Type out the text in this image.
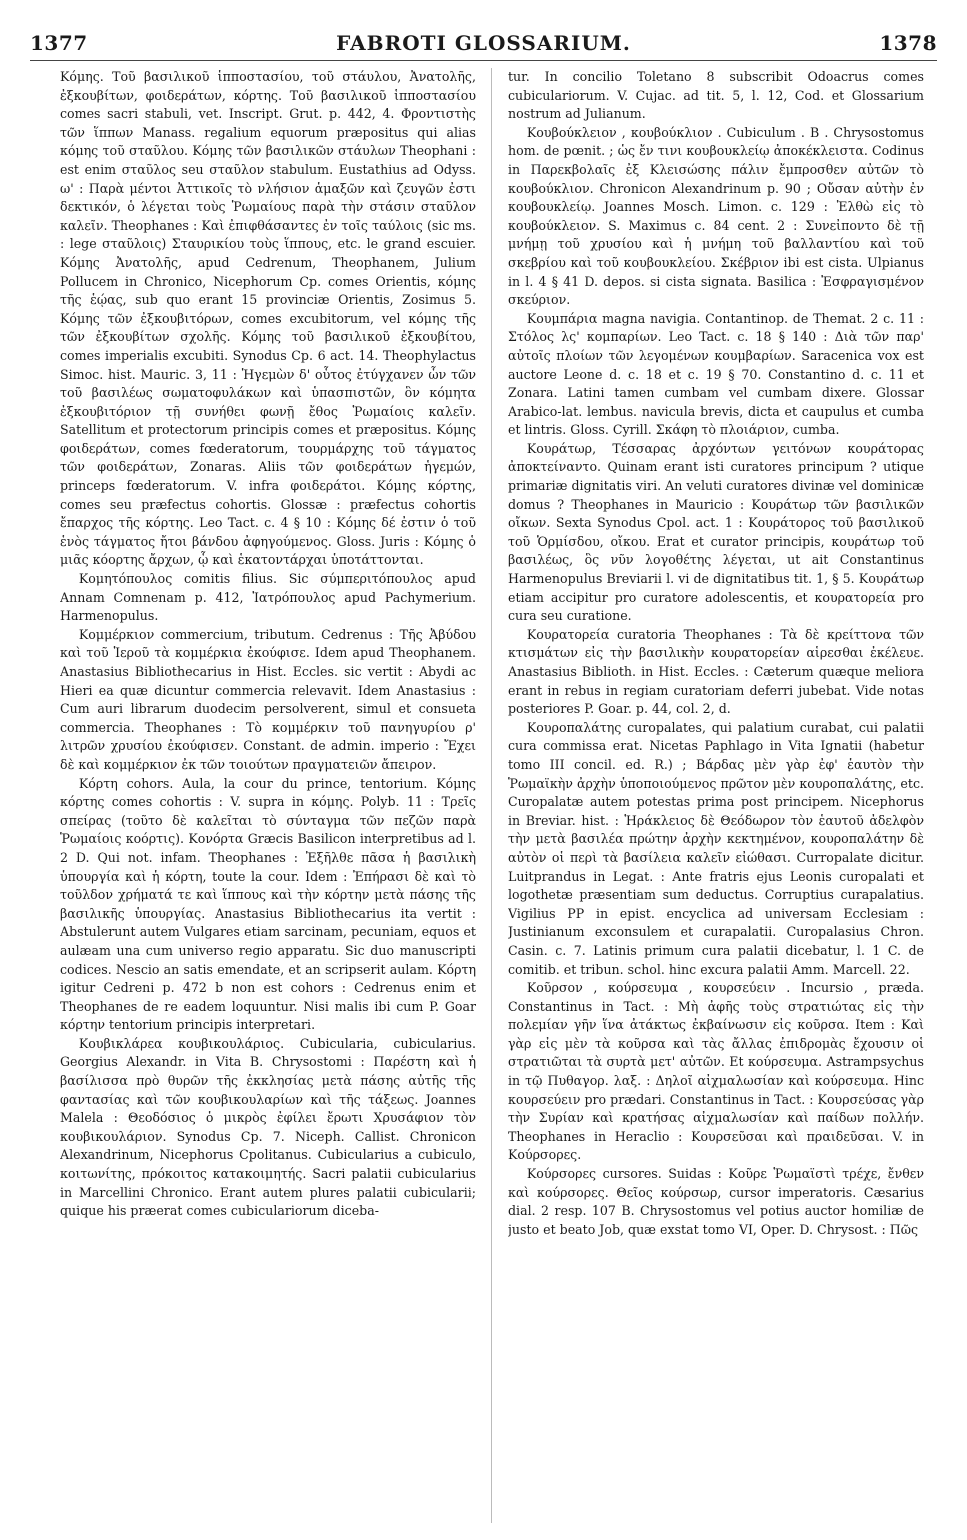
1377	FABROTI GLOSSARIUM.	1378

Κόμης. Τοῦ βασιλικοῦ ἱπποστασίου, τοῦ στάυλου, Ἀνατολῆς, ἐξκουβίτων, φοιδεράτων, κόρτης. Τοῦ βασιλικοῦ ἱπποστασίου comes sacri stabuli, vet. Inscript. Grut. p. 442, 4. Φροντιστὴς τῶν ἵππων Manass. regalium equorum præpositus qui alias κόμης τοῦ σταῦλου. Κόμης τῶν βασιλικῶν στάυλων Theophani : est enim σταῦλος seu σταῦλον stabulum. Eustathius ad Odyss. ω' : Παρὰ μέντοι Ἀττικοῖς τὸ νλήσιον ἁμαξῶν καὶ ζευγῶν ἐστι δεκτικόν, ὁ λέγεται τοὺς Ῥωμαίους παρὰ τὴν στάσιν σταῦλον καλεῖν. Theophanes : Καὶ ἐπιφθάσαντες ἐν τοῖς ταύλοις (sic ms. : lege σταῦλοις) Σταυρικίου τοὺς ἵππους, etc. le grand escuier. Κόμης Ἀνατολῆς, apud Cedrenum, Theophanem, Julium Pollucem in Chronico, Nicephorum Cp. comes Orientis, κόμης τῆς ἑῴας, sub quo erant 15 provinciæ Orientis, Zosimus 5. Κόμης τῶν ἐξκουβιτόρων, comes excubitorum, vel κόμης τῆς τῶν ἐξκουβίτων σχολῆς. Κόμης τοῦ βασιλικοῦ ἐξκουβίτου, comes imperialis excubiti. Synodus Cp. 6 act. 14. Theophylactus Simoc. hist. Mauric. 3, 11 : Ἡγεμὼν δ' οὗτος ἐτύγχανεν ὧν τῶν τοῦ βασιλέως σωματοφυλάκων καὶ ὑπασπιστῶν, ὃν κόμητα ἐξκουβιτόριον τῇ συνήθει φωνῇ ἔθος Ῥωμαίοις καλεῖν. Satellitum et protectorum principis comes et præpositus. Κόμης φοιδεράτων, comes fœderatorum, τουρμάρχης τοῦ τάγματος τῶν φοιδεράτων, Zonaras. Aliis τῶν φοιδεράτων ἡγεμών, princeps fœderatorum. V. infra φοιδεράτοι. Κόμης κόρτης, comes seu præfectus cohortis. Glossæ : præfectus cohortis ἔπαρχος τῆς κόρτης. Leo Tact. c. 4 § 10 : Κόμης δέ ἐστιν ὁ τοῦ ἑνὸς τάγματος ἤτοι βάνδου ἀφηγούμενος. Gloss. Juris : Κόμης ὁ μιᾶς κόορτης ἄρχων, ᾧ καὶ ἑκατοντάρχαι ὑποτάττονται.

Κομητόπουλος comitis filius. Sic σύμπεριτόπουλος apud Annam Comnenam p. 412, Ἰατρόπουλος apud Pachymerium. Harmenopulus.

Κομμέρκιον commercium, tributum. Cedrenus : Τῆς Ἀβύδου καὶ τοῦ Ἱεροῦ τὰ κομμέρκια ἐκούφισε. Idem apud Theophanem. Anastasius Bibliothecarius in Hist. Eccles. sic vertit : Abydi ac Hieri ea quæ dicuntur commercia relevavit. Idem Anastasius : Cum auri librarum duodecim persolverent, simul et consueta commercia. Theophanes : Τὸ κομμέρκιν τοῦ πανηγυρίου ρ' λιτρῶν χρυσίου ἐκούφισεν. Constant. de admin. imperio : Ἔχει δὲ καὶ κομμέρκιον ἐκ τῶν τοιούτων πραγματειῶν ἄπειρον.

Κόρτη cohors. Aula, la cour du prince, tentorium. Κόμης κόρτης comes cohortis : V. supra in κόμης. Polyb. 11 : Τρεῖς σπείρας (τοῦτο δὲ καλεῖται τὸ σύνταγμα τῶν πεζῶν παρὰ Ῥωμαίοις κοόρτις). Κονόρτα Græcis Basilicon interpretibus ad l. 2 D. Qui not. infam. Theophanes : Ἐξῆλθε πᾶσα ἡ βασιλικὴ ὑπουργία καὶ ἡ κόρτη, toute la cour. Idem : Ἐπήρασι δὲ καὶ τὸ τοῦλδον χρήματά τε καὶ ἵππους καὶ τὴν κόρτην μετὰ πάσης τῆς βασιλικῆς ὑπουργίας. Anastasius Bibliothecarius ita vertit : Abstulerunt autem Vulgares etiam sarcinam, pecuniam, equos et aulæam una cum universo regio apparatu. Sic duo manuscripti codices. Nescio an satis emendate, et an scripserit aulam. Κόρτη igitur Cedreni p. 472 b non est cohors : Cedrenus enim et Theophanes de re eadem loquuntur. Nisi malis ibi cum P. Goar κόρτην tentorium principis interpretari.

Κουβικλάρεα κουβικουλάριος. Cubicularia, cubicularius. Georgius Alexandr. in Vita B. Chrysostomi : Παρέστη καὶ ἡ βασίλισσα πρὸ θυρῶν τῆς ἐκκλησίας μετὰ πάσης αὐτῆς τῆς φαντασίας καὶ τῶν κουβικουλαρίων καὶ τῆς τάξεως. Joannes Malela : Θεοδόσιος ὁ μικρὸς ἐφίλει ἔρωτι Χρυσάφιον τὸν κουβικουλάριον. Synodus Cp. 7. Niceph. Callist. Chronicon Alexandrinum, Nicephorus Cpolitanus. Cubicularius a cubiculo, κοιτωνίτης, πρόκοιτος κατακοιμητής. Sacri palatii cubicularius in Marcellini Chronico. Erant autem plures palatii cubicularii; quique his præerat comes cubiculariorum diceba-

tur. In concilio Toletano 8 subscribit Odoacrus comes cubiculariorum. V. Cujac. ad tit. 5, l. 12, Cod. et Glossarium nostrum ad Julianum.

Κουβούκλειον , κουβούκλιον . Cubiculum . B . Chrysostomus hom. de pœnit. ; ὡς ἔν τινι κουβουκλείῳ ἀποκέκλειστα. Codinus in Παρεκβολαῖς ἐξ Κλεισώσης πάλιν ἔμπροσθεν αὐτῶν τὸ κουβούκλιον. Chronicon Alexandrinum p. 90 ; Οὔσαν αὐτὴν ἐν κουβουκλείῳ. Joannes Mosch. Limon. c. 129 : Ἐλθὼ εἰς τὸ κουβούκλειον. S. Maximus c. 84 cent. 2 : Συνεἰποντο δὲ τῇ μνήμῃ τοῦ χρυσίου καὶ ἡ μνήμη τοῦ βαλλαντίου καὶ τοῦ σκεβρίου καὶ τοῦ κουβουκλείου. Σκέβριον ibi est cista. Ulpianus in l. 4 § 41 D. depos. si cista signata. Basilica : Ἐσφραγισμένον σκεύριον.

Κουμπάρια magna navigia. Contantinop. de Themat. 2 c. 11 : Στόλος λς' κομπαρίων. Leo Tact. c. 18 § 140 : Διὰ τῶν παρ' αὐτοῖς πλοίων τῶν λεγομένων κουμβαρίων. Saracenica vox est auctore Leone d. c. 18 et c. 19 § 70. Constantino d. c. 11 et Zonara. Latini tamen cumbam vel cumbam dixere. Glossar Arabico-lat. lembus. navicula brevis, dicta et caupulus et cumba et lintris. Gloss. Cyrill. Σκάφη τὸ πλοιάριον, cumba.

Κουράτωρ, Τέσσαρας ἀρχόντων γειτόνων κουράτορας ἀποκτείναντο. Quinam erant isti curatores principum ? utique primariæ dignitatis viri. An veluti curatores divinæ vel dominicæ domus ? Theophanes in Mauricio : Κουράτωρ τῶν βασιλικῶν οἴκων. Sexta Synodus Cpol. act. 1 : Κουράτορος τοῦ βασιλικοῦ τοῦ Ὁρμίσδου, οἴκου. Erat et curator principis, κουράτωρ τοῦ βασιλέως, ὃς νῦν λογοθέτης λέγεται, ut ait Constantinus Harmenopulus Breviarii l. vi de dignitatibus tit. 1, § 5. Κουράτωρ etiam accipitur pro curatore adolescentis, et κουρατορεία pro cura seu curatione.

Κουρατορεία curatoria Theophanes : Τὰ δὲ κρείττονα τῶν κτισμάτων εἰς τὴν βασιλικὴν κουρατορείαν αἱρεσθαι ἐκέλευε. Anastasius Biblioth. in Hist. Eccles. : Cæterum quæque meliora erant in rebus in regiam curatoriam deferri jubebat. Vide notas posteriores P. Goar. p. 44, col. 2, d.

Κουροπαλάτης curopalates, qui palatium curabat, cui palatii cura commissa erat. Nicetas Paphlago in Vita Ignatii (habetur tomo III concil. ed. R.) ; Βάρδας μὲν γὰρ ἐφ' ἑαυτὸν τὴν Ῥωμαϊκὴν ἀρχὴν ὑποποιούμενος πρῶτον μὲν κουροπαλάτης, etc. Curopalatæ autem potestas prima post principem. Nicephorus in Breviar. hist. : Ἡράκλειος δὲ Θεόδωρον τὸν ἑαυτοῦ ἀδελφὸν τὴν μετὰ βασιλέα πρώτην ἀρχὴν κεκτημένον, κουροπαλάτην δὲ αὐτὸν οἱ περὶ τὰ βασίλεια καλεῖν εἰώθασι. Curropalate dicitur. Luitprandus in Legat. : Ante fratris ejus Leonis curopalati et logothetæ præsentiam sum deductus. Corruptius curapalatius. Vigilius PP in epist. encyclica ad universam Ecclesiam : Justinianum exconsulem et curapalatii. Curopalasius Chron. Casin. c. 7. Latinis primum cura palatii dicebatur, l. 1 C. de comitib. et tribun. schol. hinc excura palatii Amm. Marcell. 22.

Κοῦρσον , κούρσευμα , κουρσεύειν . Incursio , præda. Constantinus in Tact. : Μὴ ἀφῆς τοὺς στρατιώτας εἰς τὴν πολεμίαν γῆν ἵνα ἀτάκτως ἐκβαίνωσιν εἰς κοῦρσα. Item : Καὶ γὰρ εἰς μὲν τὰ κοῦρσα καὶ τὰς ἄλλας ἐπιδρομὰς ἔχουσιν οἱ στρατιῶται τὰ συρτὰ μετ' αὐτῶν. Et κούρσευμα. Astrampsychus in τῷ Πυθαγορ. λαξ. : Δηλοῖ αἰχμαλωσίαν καὶ κούρσευμα. Hinc κουρσεύειν pro prædari. Constantinus in Tact. : Κουρσεύσας γὰρ τὴν Συρίαν καὶ κρατήσας αἰχμαλωσίαν καὶ παίδων πολλήν. Theophanes in Heraclio : Κουρσεῦσαι καὶ πραιδεῦσαι. V. in Κούρσορες.

Κούρσορες cursores. Suidas : Κοῦρε Ῥωμαϊστὶ τρέχε, ἔνθεν καὶ κούρσορες. Θεῖος κούρσωρ, cursor imperatoris. Cæsarius dial. 2 resp. 107 B. Chrysostomus vel potius auctor homiliæ de justo et beato Job, quæ exstat tomo VI, Oper. D. Chrysost. : Πῶς
